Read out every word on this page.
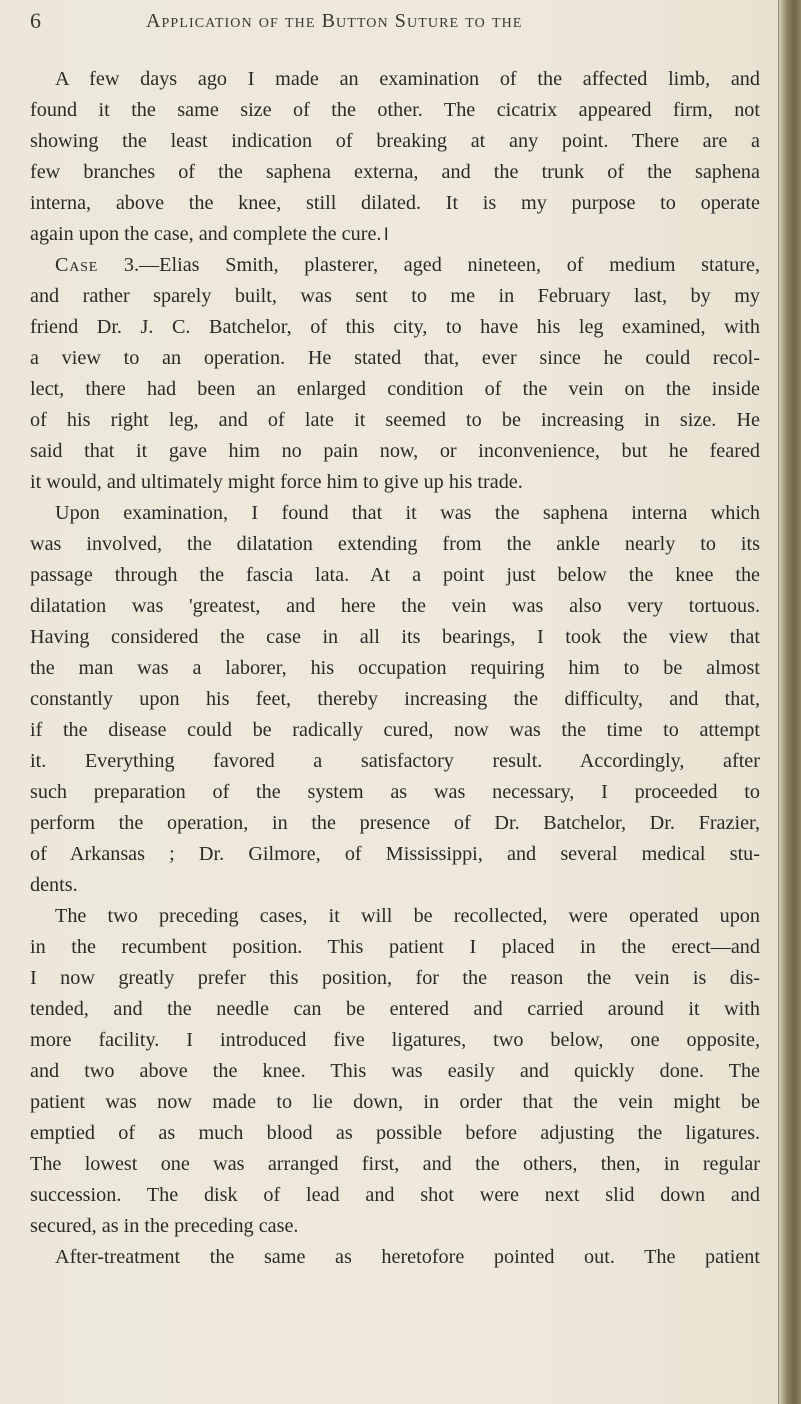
6	Application of the Button Suture to the
A few days ago I made an examination of the affected limb, and
found it the same size of the other. The cicatrix appeared firm, not
showing the least indication of breaking at any point. There are a
few branches of the saphena externa, and the trunk of the saphena
interna, above the knee, still dilated. It is my purpose to operate
again upon the case, and complete the cure.।
Case 3.—Elias Smith, plasterer, aged nineteen, of medium stature,
and rather sparely built, was sent to me in February last, by my
friend Dr. J. C. Batchelor, of this city, to have his leg examined, with
a view to an operation. He stated that, ever since he could recol-
lect, there had been an enlarged condition of the vein on the inside
of his right leg, and of late it seemed to be increasing in size. He
said that it gave him no pain now, or inconvenience, but he feared
it would, and ultimately might force him to give up his trade.
Upon examination, I found that it was the saphena interna which
was involved, the dilatation extending from the ankle nearly to its
passage through the fascia lata. At a point just below the knee the
dilatation was 'greatest, and here the vein was also very tortuous.
Having considered the case in all its bearings, I took the view that
the man was a laborer, his occupation requiring him to be almost
constantly upon his feet, thereby increasing the difficulty, and that,
if the disease could be radically cured, now was the time to attempt
it. Everything favored a satisfactory result. Accordingly, after
such preparation of the system as was necessary, I proceeded to
perform the operation, in the presence of Dr. Batchelor, Dr. Frazier,
of Arkansas ; Dr. Gilmore, of Mississippi, and several medical stu-
dents.
The two preceding cases, it will be recollected, were operated upon
in the recumbent position. This patient I placed in the erect—and
I now greatly prefer this position, for the reason the vein is dis-
tended, and the needle can be entered and carried around it with
more facility. I introduced five ligatures, two below, one opposite,
and two above the knee. This was easily and quickly done. The
patient was now made to lie down, in order that the vein might be
emptied of as much blood as possible before adjusting the ligatures.
The lowest one was arranged first, and the others, then, in regular
succession. The disk of lead and shot were next slid down and
secured, as in the preceding case.
After-treatment the same as heretofore pointed out. The patient
